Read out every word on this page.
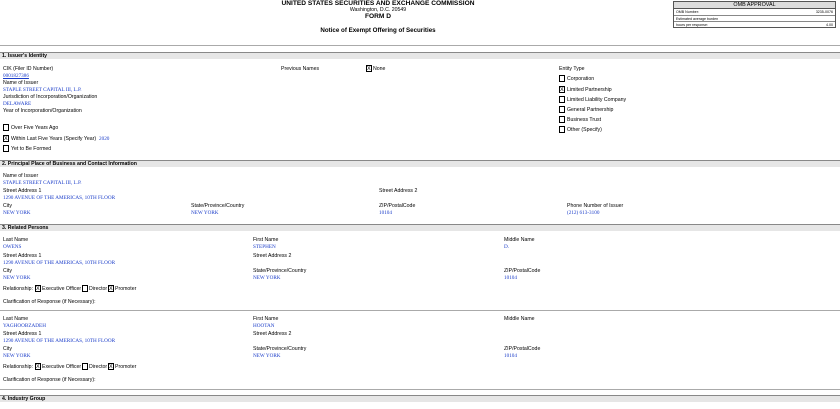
UNITED STATES SECURITIES AND EXCHANGE COMMISSION
Washington, D.C. 20549
FORM D
Notice of Exempt Offering of Securities
OMB APPROVAL
OMB Number:	3235-0076
Estimated average burden
hours per response:	4.00
1. Issuer's Identity
CIK (Filer ID Number)
0001827386
Name of Issuer
STAPLE STREET CAPITAL III, L.P.
Jurisdiction of Incorporation/Organization
DELAWARE
Year of Incorporation/Organization
Over Five Years Ago
X Within Last Five Years (Specify Year) 2020
Yet to Be Formed
Previous Names	X None	Entity Type
Corporation
X Limited Partnership
Limited Liability Company
General Partnership
Business Trust
Other (Specify)
2. Principal Place of Business and Contact Information
Name of Issuer
STAPLE STREET CAPITAL III, L.P.
Street Address 1
1290 AVENUE OF THE AMERICAS, 10TH FLOOR
Street Address 2
City
NEW YORK
State/Province/Country
NEW YORK
ZIP/PostalCode
10104
Phone Number of Issuer
(212) 613-3100
3. Related Persons
Last Name
OWENS
First Name
STEPHEN
Middle Name
D.
Street Address 1
1290 AVENUE OF THE AMERICAS, 10TH FLOOR
Street Address 2
City
NEW YORK
State/Province/Country
NEW YORK
ZIP/PostalCode
10104
Relationship: X Executive Officer Director X Promoter
Clarification of Response (if Necessary):
Last Name
YAGHOOBZADEH
First Name
HOOTAN
Middle Name
Street Address 1
1290 AVENUE OF THE AMERICAS, 10TH FLOOR
Street Address 2
City
NEW YORK
State/Province/Country
NEW YORK
ZIP/PostalCode
10104
Relationship: X Executive Officer Director X Promoter
Clarification of Response (if Necessary):
4. Industry Group
